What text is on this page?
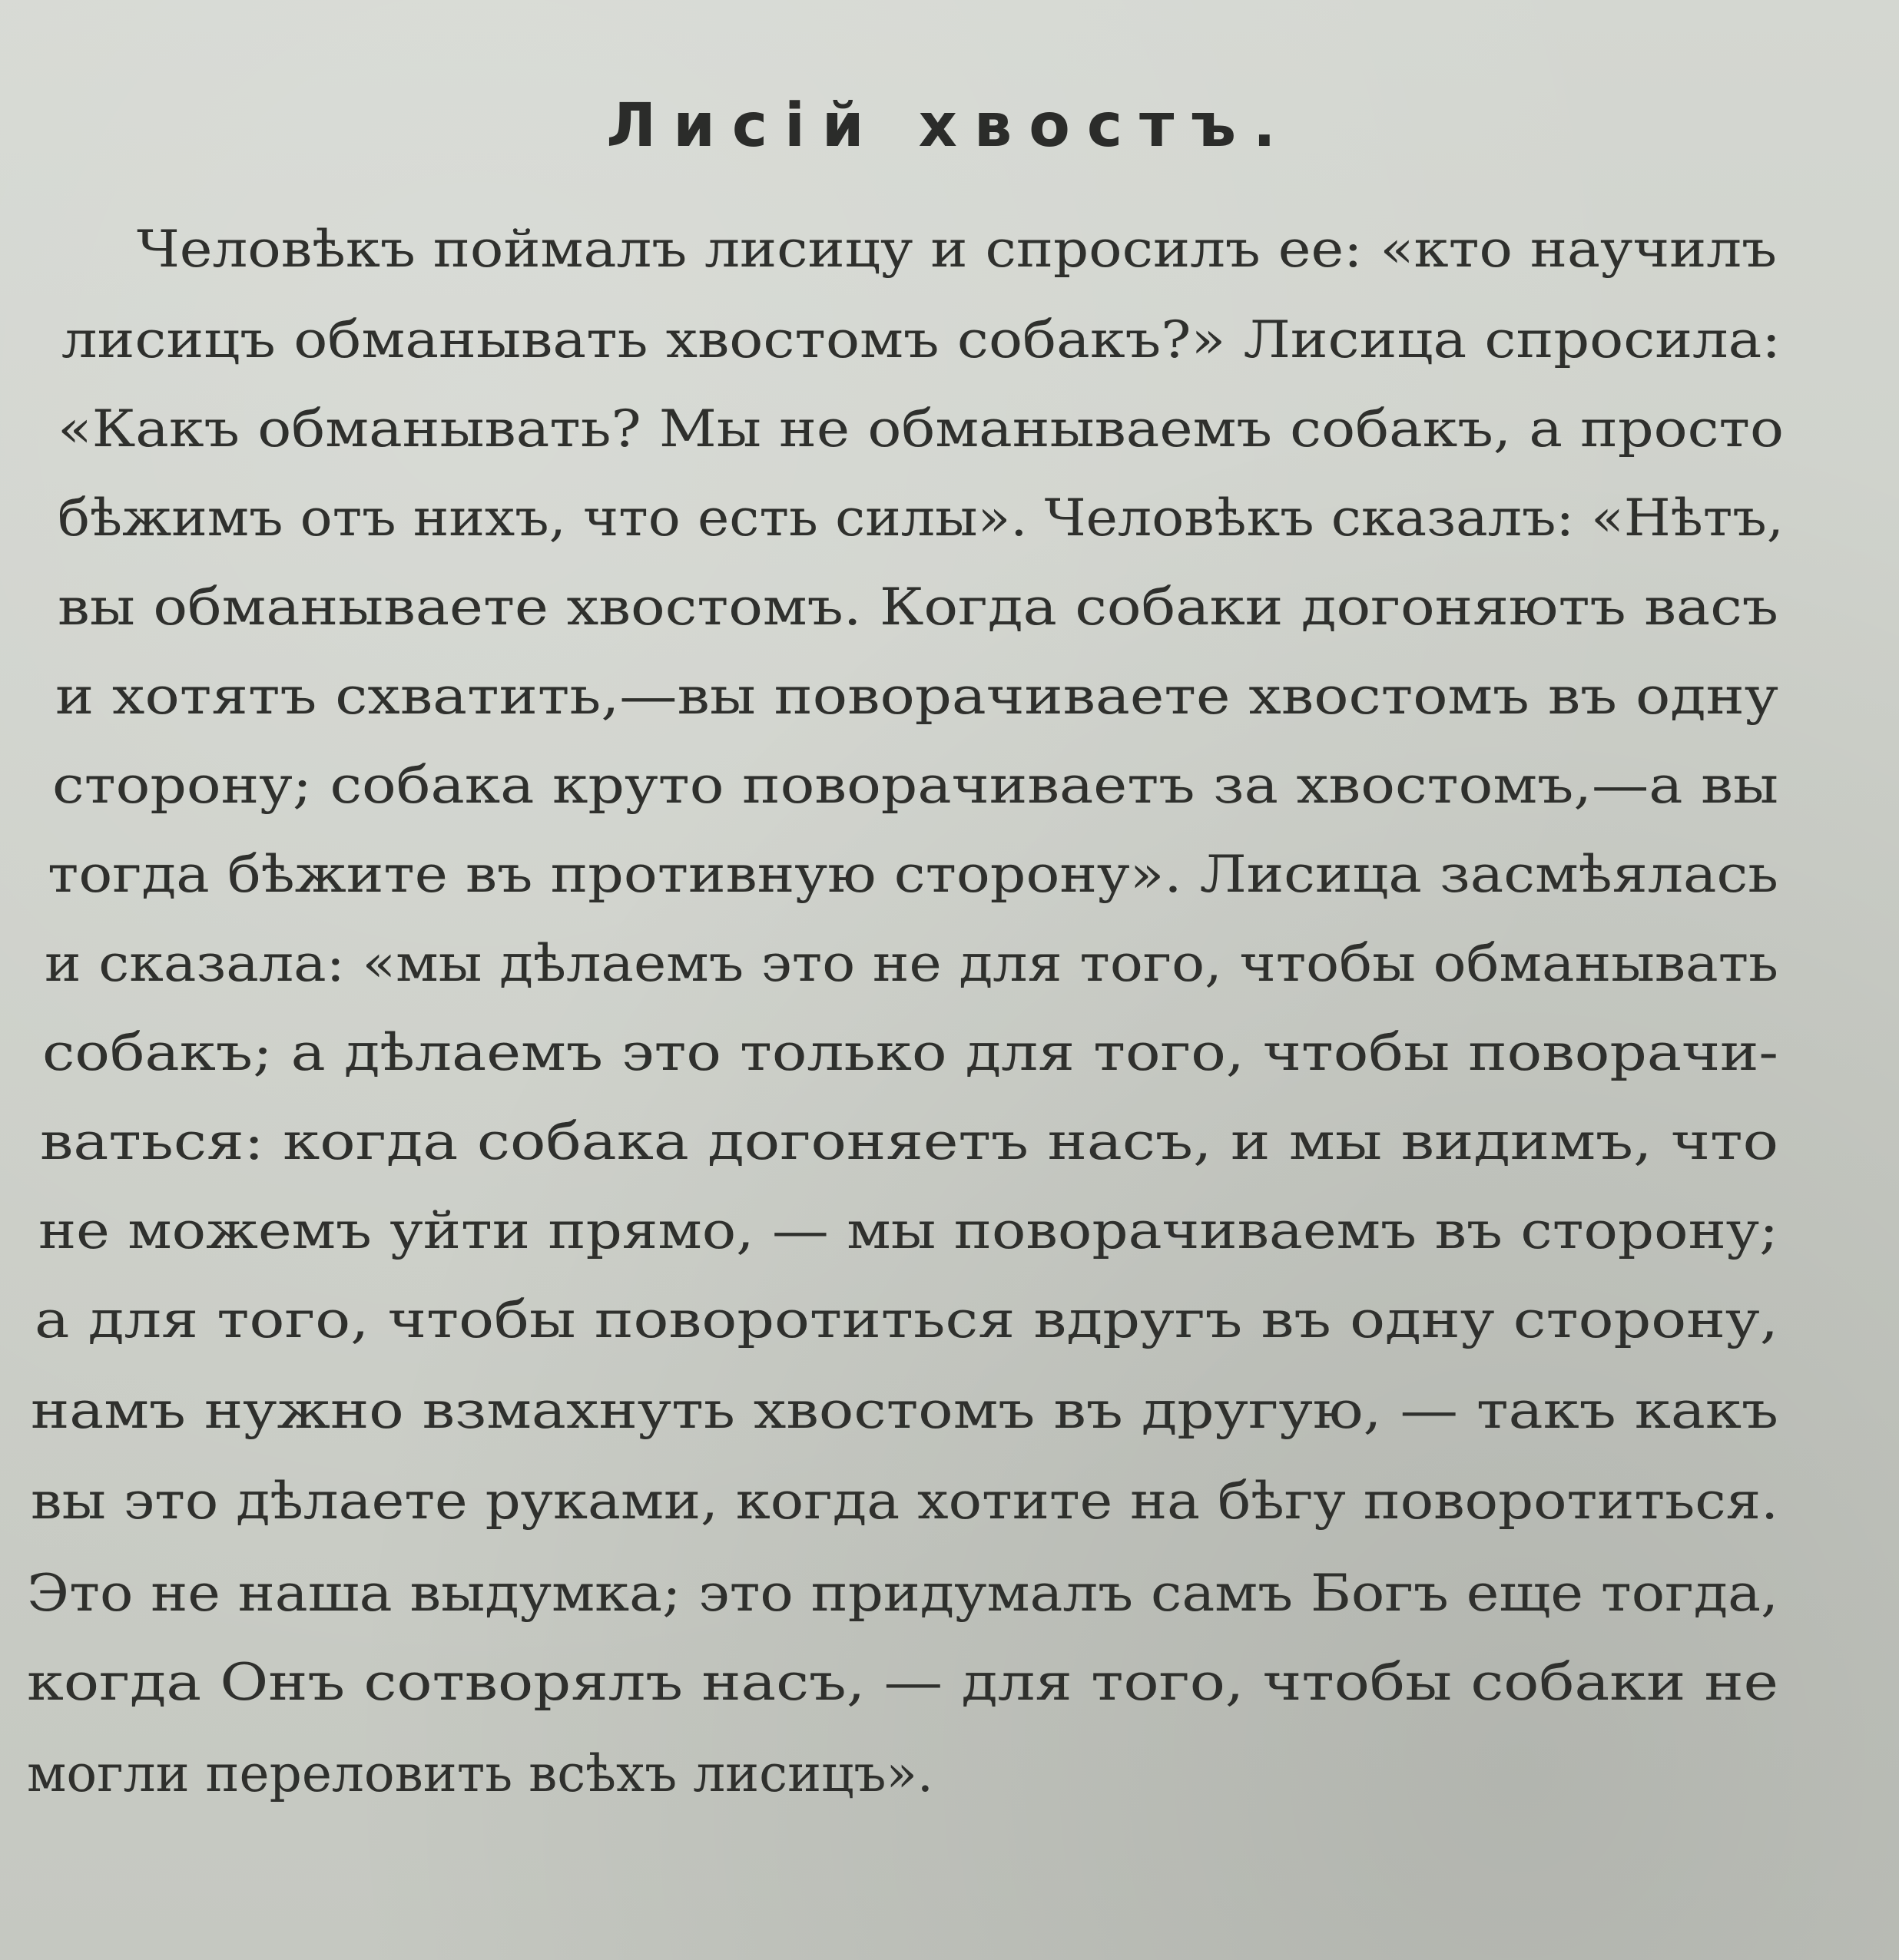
Лисій хвостъ.
Человѣкъ поймалъ лисицу и спросилъ ее: «кто научилъ
лисицъ обманывать хвостомъ собакъ?» Лисица спросила:
«Какъ обманывать? Мы не обманываемъ собакъ, а просто
бѣжимъ отъ нихъ, что есть силы». Человѣкъ сказалъ: «Нѣтъ,
вы обманываете хвостомъ. Когда собаки догоняютъ васъ
и хотятъ схватить,—вы поворачиваете хвостомъ въ одну
сторону; собака круто поворачиваетъ за хвостомъ,—а вы
тогда бѣжите въ противную сторону». Лисица засмѣялась
и сказала: «мы дѣлаемъ это не для того, чтобы обманывать
собакъ; а дѣлаемъ это только для того, чтобы поворачи-
ваться: когда собака догоняетъ насъ, и мы видимъ, что
не можемъ уйти прямо, — мы поворачиваемъ въ сторону;
а для того, чтобы поворотиться вдругъ въ одну сторону,
намъ нужно взмахнуть хвостомъ въ другую, — такъ какъ
вы это дѣлаете руками, когда хотите на бѣгу поворотиться.
Это не наша выдумка; это придумалъ самъ Богъ еще тогда,
когда Онъ сотворялъ насъ, — для того, чтобы собаки не
могли переловить всѣхъ лисицъ».
